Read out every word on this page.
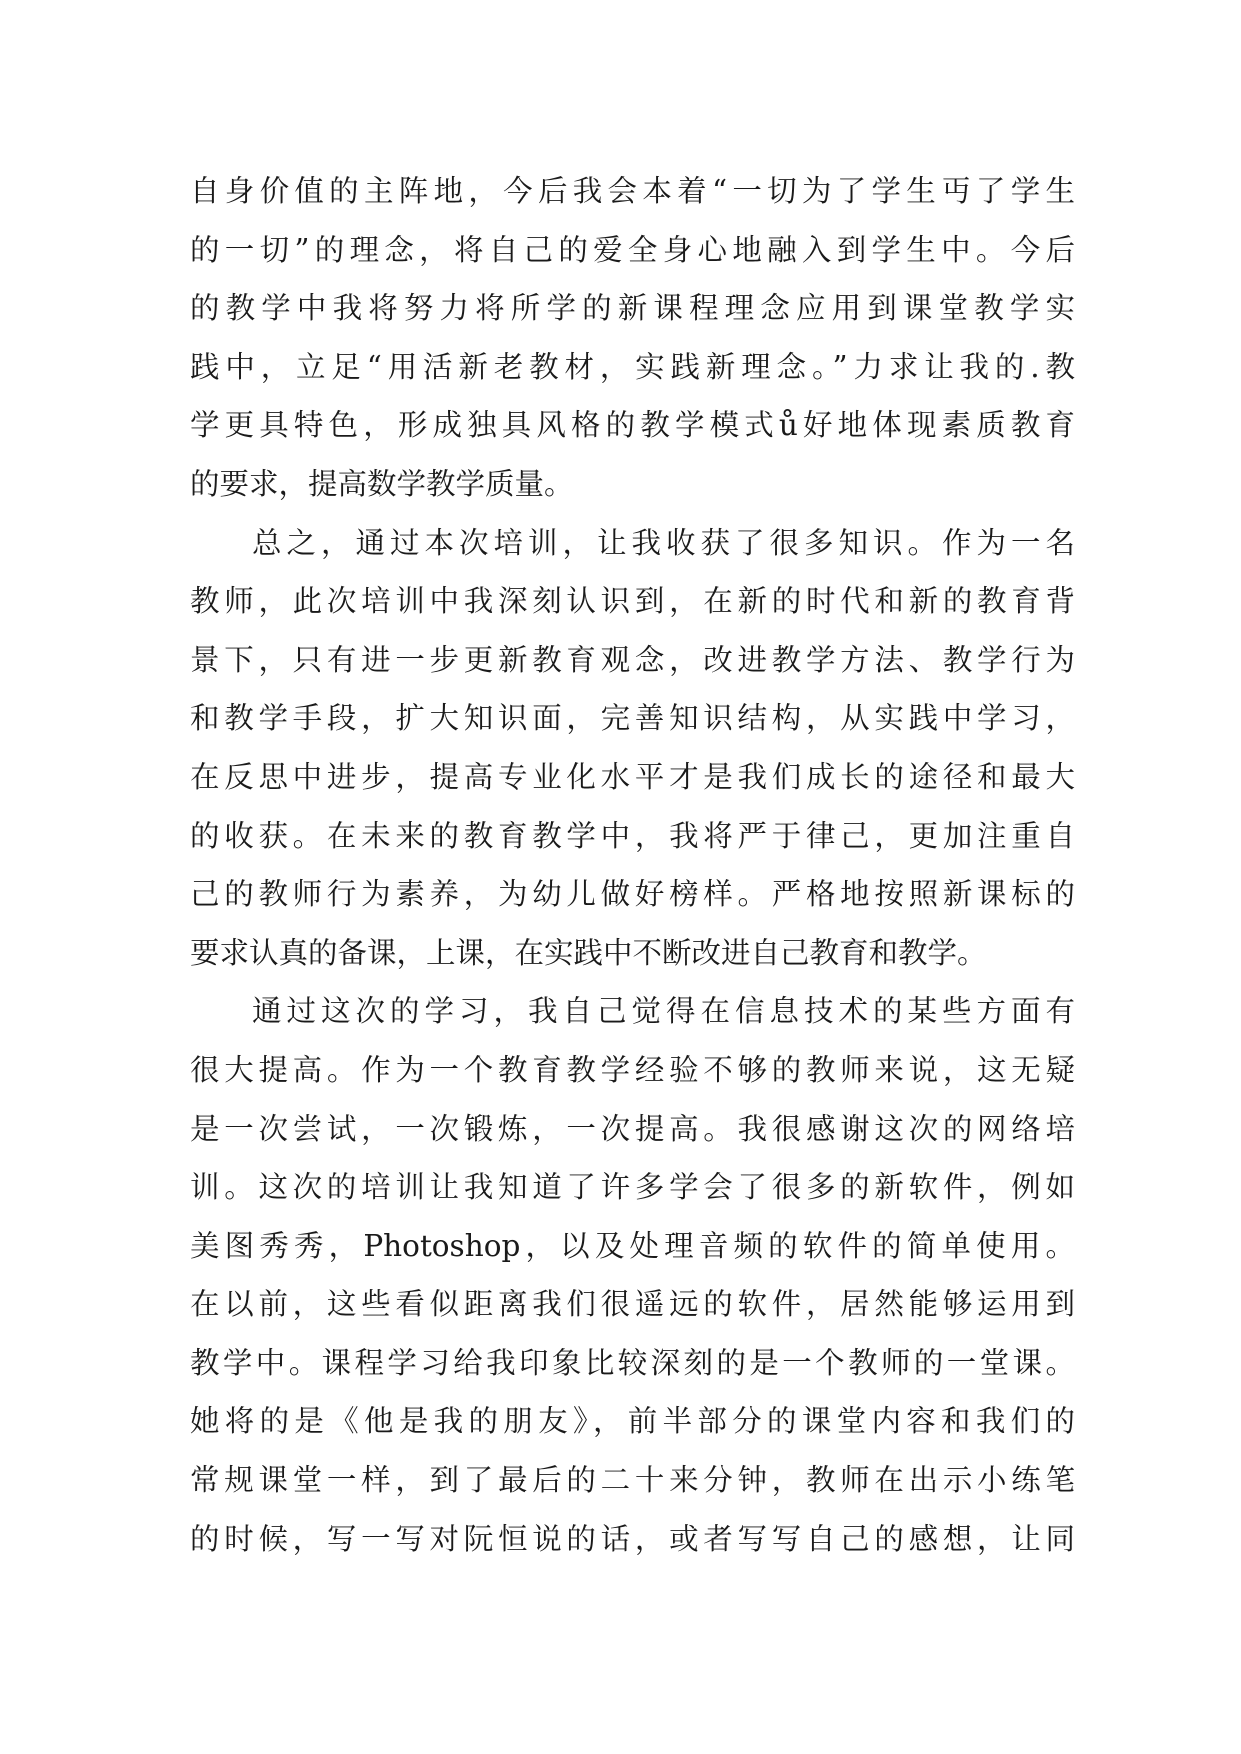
自身价值的主阵地，今后我会本着“一切为了学生丏了学生
的一切”的理念，将自己的爱全身心地融入到学生中。今后
的教学中我将努力将所学的新课程理念应用到课堂教学实
践中，立足“用活新老教材，实践新理念。”力求让我的.教
学更具特色，形成独具风格的教学模式ů好地体现素质教育
的要求，提高数学教学质量。
总之，通过本次培训，让我收获了很多知识。作为一名
教师，此次培训中我深刻认识到，在新的时代和新的教育背
景下，只有进一步更新教育观念，改进教学方法、教学行为
和教学手段，扩大知识面，完善知识结构，从实践中学习，
在反思中进步，提高专业化水平才是我们成长的途径和最大
的收获。在未来的教育教学中，我将严于律己，更加注重自
己的教师行为素养，为幼儿做好榜样。严格地按照新课标的
要求认真的备课，上课，在实践中不断改进自己教育和教学。
通过这次的学习，我自己觉得在信息技术的某些方面有
很大提高。作为一个教育教学经验不够的教师来说，这无疑
是一次尝试，一次锻炼，一次提高。我很感谢这次的网络培
训。这次的培训让我知道了许多学会了很多的新软件，例如
美图秀秀，Photoshop，以及处理音频的软件的简单使用。
在以前，这些看似距离我们很遥远的软件，居然能够运用到
教学中。课程学习给我印象比较深刻的是一个教师的一堂课。
她将的是《他是我的朋友》，前半部分的课堂内容和我们的
常规课堂一样，到了最后的二十来分钟，教师在出示小练笔
的时候，写一写对阮恒说的话，或者写写自己的感想，让同
